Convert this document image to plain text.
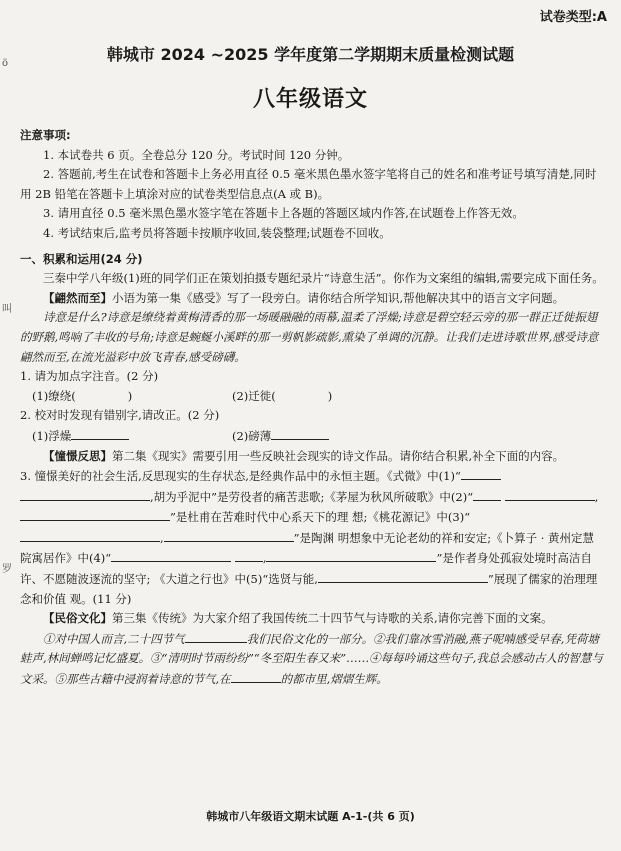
ö
叫
罗
试卷类型:A
韩城市 2024 ~2025 学年度第二学期期末质量检测试题
八年级语文

注意事项:

1. 本试卷共 6 页。全卷总分 120 分。考试时间 120 分钟。

2. 答题前,考生在试卷和答题卡上务必用直径 0.5 毫米黑色墨水签字笔将自己的姓名和准考证号填写清楚,同时用 2B 铅笔在答题卡上填涂对应的试卷类型信息点(A 或 B)。

3. 请用直径 0.5 毫米黑色墨水签字笔在答题卡上各题的答题区域内作答,在试题卷上作答无效。

4. 考试结束后,监考员将答题卡按顺序收回,装袋整理;试题卷不回收。

一、积累和运用(24 分)

三秦中学八年级(1)班的同学们正在策划拍摄专题纪录片“诗意生活”。你作为文案组的编辑,需要完成下面任务。

【翩然而至】小语为第一集《感受》写了一段旁白。请你结合所学知识,帮他解决其中的语言文字问题。

诗意是什么?诗意是缭绕着黄梅清香的那一场暖融融的雨幕,温柔了浮燥;诗意是碧空轻云旁的那一群正迁徙振翅的野鹅,鸣响了丰收的号角;诗意是蜿蜒小溪畔的那一剪帆影疏影,熏染了单调的沉静。让我们走进诗歌世界,感受诗意翩然而至,在流光溢彩中放飞青春,感受磅礴。

1. 请为加点字注音。(2 分)

(1)缭绕(	)	(2)迁徙(	)

2. 校对时发现有错别字,请改正。(2 分)

(1)浮燥	(2)磅薄

【憧憬反思】第二集《现实》需要引用一些反映社会现实的诗文作品。请你结合积累,补全下面的内容。

3. 憧憬美好的社会生活,反思现实的生存状态,是经典作品中的永恒主题。《式微》中(1)“ ,胡为乎泥中”是劳役者的痛苦悲歌;《茅屋为秋风所破歌》中(2)“	,”是杜甫在苦难时代中心系天下的理 想;《桃花源记》中(3)“,	”是陶渊 明想象中无论老幼的祥和安定;《卜算子 · 黄州定慧院寓居作》中(4)“	,	”是作者身处孤寂处境时高洁自许、不愿随波逐流的坚守; 《大道之行也》中(5)“选贤与能,	”展现了儒家的治理理念和价值 观。(11 分)

【民俗文化】第三集《传统》为大家介绍了我国传统二十四节气与诗歌的关系,请你完善下面的文案。

①对中国人而言,二十四节气	我们民俗文化的一部分。②我们靠冰雪消融,燕子呢喃感受早春,凭荷塘蛙声,林间蝉鸣记忆盛夏。③“清明时节雨纷纷”“冬至阳生春又来”……④每每吟诵这些句子,我总会感动古人的智慧与文采。⑤那些古籍中浸润着诗意的节气,在	的都市里,熠熠生辉。

韩城市八年级语文期末试题 A-1-(共 6 页)
